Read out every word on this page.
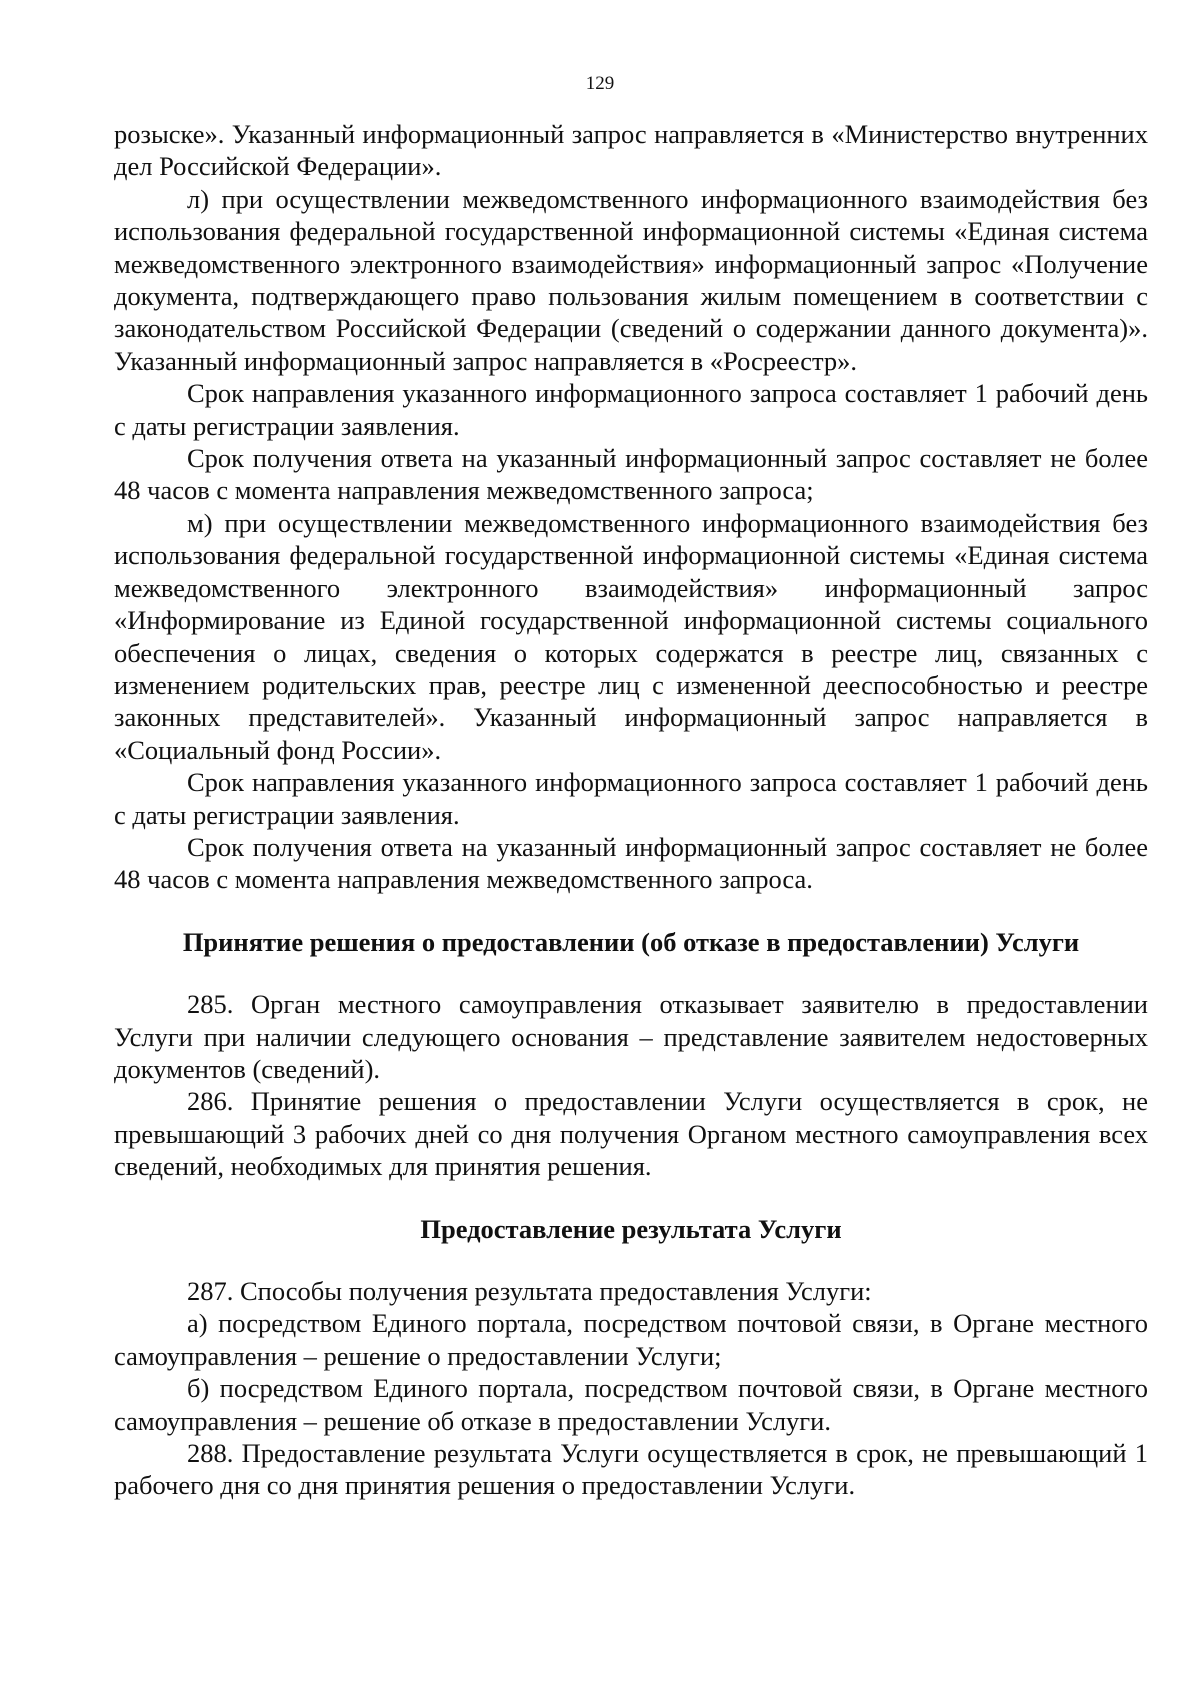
129

розыске». Указанный информационный запрос направляется в «Министерство внутренних дел Российской Федерации».

л) при осуществлении межведомственного информационного взаимодействия без использования федеральной государственной информационной системы «Единая система межведомственного электронного взаимодействия» информационный запрос «Получение документа, подтверждающего право пользования жилым помещением в соответствии с законодательством Российской Федерации (сведений о содержании данного документа)». Указанный информационный запрос направляется в «Росреестр».

Срок направления указанного информационного запроса составляет 1 рабочий день с даты регистрации заявления.

Срок получения ответа на указанный информационный запрос составляет не более 48 часов с момента направления межведомственного запроса;

м) при осуществлении межведомственного информационного взаимодействия без использования федеральной государственной информационной системы «Единая система межведомственного электронного взаимодействия» информационный запрос «Информирование из Единой государственной информационной системы социального обеспечения о лицах, сведения о которых содержатся в реестре лиц, связанных с изменением родительских прав, реестре лиц с измененной дееспособностью и реестре законных представителей». Указанный информационный запрос направляется в «Социальный фонд России».

Срок направления указанного информационного запроса составляет 1 рабочий день с даты регистрации заявления.

Срок получения ответа на указанный информационный запрос составляет не более 48 часов с момента направления межведомственного запроса.

Принятие решения о предоставлении (об отказе в предоставлении) Услуги

285. Орган местного самоуправления отказывает заявителю в предоставлении Услуги при наличии следующего основания – представление заявителем недостоверных документов (сведений).

286. Принятие решения о предоставлении Услуги осуществляется в срок, не превышающий 3 рабочих дней со дня получения Органом местного самоуправления всех сведений, необходимых для принятия решения.

Предоставление результата Услуги

287. Способы получения результата предоставления Услуги:

а) посредством Единого портала, посредством почтовой связи, в Органе местного самоуправления – решение о предоставлении Услуги;

б) посредством Единого портала, посредством почтовой связи, в Органе местного самоуправления – решение об отказе в предоставлении Услуги.

288. Предоставление результата Услуги осуществляется в срок, не превышающий 1 рабочего дня со дня принятия решения о предоставлении Услуги.
